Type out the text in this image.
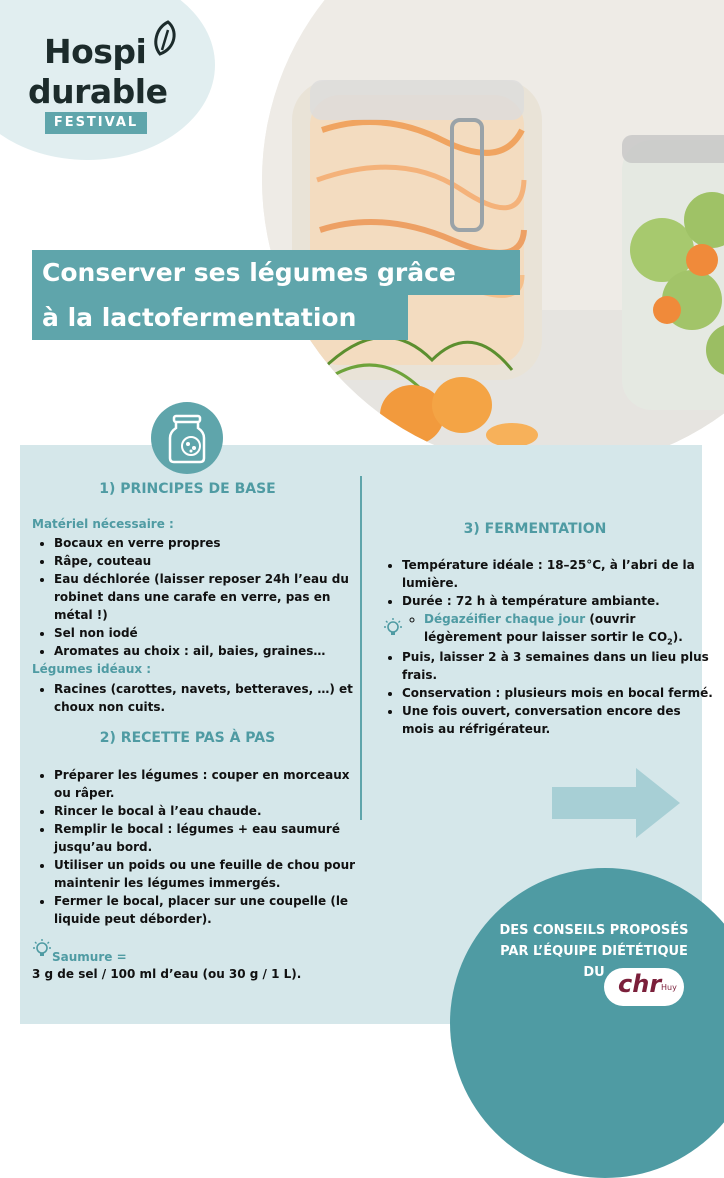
Hospi
durable
FESTIVAL
Conserver ses légumes grâce
à la lactofermentation
1) PRINCIPES DE BASE
Matériel nécessaire :
• Bocaux en verre propres
• Râpe, couteau
• Eau déchlorée (laisser reposer 24h l’eau du robinet dans une carafe en verre, pas en métal !)
• Sel non iodé
• Aromates au choix : ail, baies, graines…
Légumes idéaux :
• Racines (carottes, navets, betteraves, …) et choux non cuits.
2) RECETTE PAS À PAS
• Préparer les légumes : couper en morceaux ou râper.
• Rincer le bocal à l’eau chaude.
• Remplir le bocal : légumes + eau saumuré jusqu’au bord.
• Utiliser un poids ou une feuille de chou pour maintenir les légumes immergés.
• Fermer le bocal, placer sur une coupelle (le liquide peut déborder).
Saumure =
3 g de sel / 100 ml d’eau (ou 30 g / 1 L).
3) FERMENTATION
• Température idéale : 18–25°C, à l’abri de la lumière.
• Durée : 72 h à température ambiante.
◦ Dégazéifier chaque jour (ouvrir légèrement pour laisser sortir le $CO_2$).
• Puis, laisser 2 à 3 semaines dans un lieu plus frais.
• Conservation : plusieurs mois en bocal fermé.
• Une fois ouvert, conversation encore des mois au réfrigérateur.
DES CONSEILS PROPOSÉS
PAR L’ÉQUIPE DIÉTÉTIQUE
DU chr Huy
